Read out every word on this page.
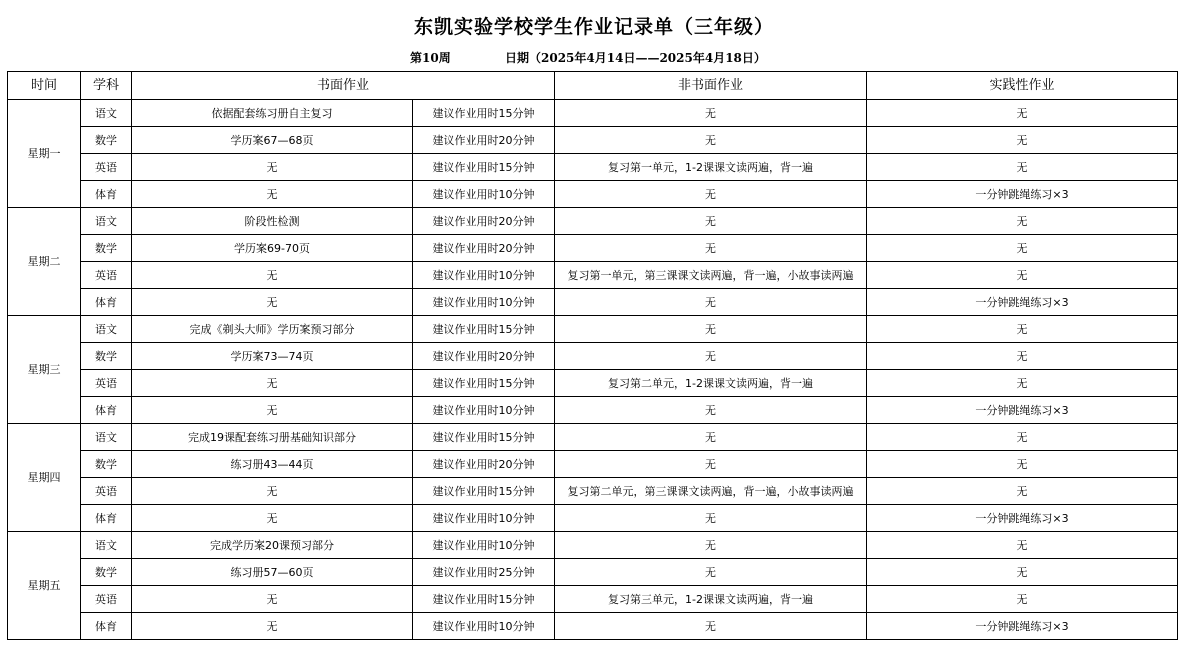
东凯实验学校学生作业记录单（三年级）
第10周	日期（2025年4月14日——2025年4月18日）
时间	学科	书面作业		非书面作业	实践性作业
星期一	语文	依据配套练习册自主复习	建议作业用时15分钟	无	无
	数学	学历案67—68页	建议作业用时20分钟	无	无
	英语	无	建议作业用时15分钟	复习第一单元，1-2课课文读两遍，背一遍	无
	体育	无	建议作业用时10分钟	无	一分钟跳绳练习×3
星期二	语文	阶段性检测	建议作业用时20分钟	无	无
	数学	学历案69-70页	建议作业用时20分钟	无	无
	英语	无	建议作业用时10分钟	复习第一单元，第三课课文读两遍，背一遍，小故事读两遍	无
	体育	无	建议作业用时10分钟	无	一分钟跳绳练习×3
星期三	语文	完成《剃头大师》学历案预习部分	建议作业用时15分钟	无	无
	数学	学历案73—74页	建议作业用时20分钟	无	无
	英语	无	建议作业用时15分钟	复习第二单元，1-2课课文读两遍，背一遍	无
	体育	无	建议作业用时10分钟	无	一分钟跳绳练习×3
星期四	语文	完成19课配套练习册基础知识部分	建议作业用时15分钟	无	无
	数学	练习册43—44页	建议作业用时20分钟	无	无
	英语	无	建议作业用时15分钟	复习第二单元，第三课课文读两遍，背一遍，小故事读两遍	无
	体育	无	建议作业用时10分钟	无	一分钟跳绳练习×3
星期五	语文	完成学历案20课预习部分	建议作业用时10分钟	无	无
	数学	练习册57—60页	建议作业用时25分钟	无	无
	英语	无	建议作业用时15分钟	复习第三单元，1-2课课文读两遍，背一遍	无
	体育	无	建议作业用时10分钟	无	一分钟跳绳练习×3
